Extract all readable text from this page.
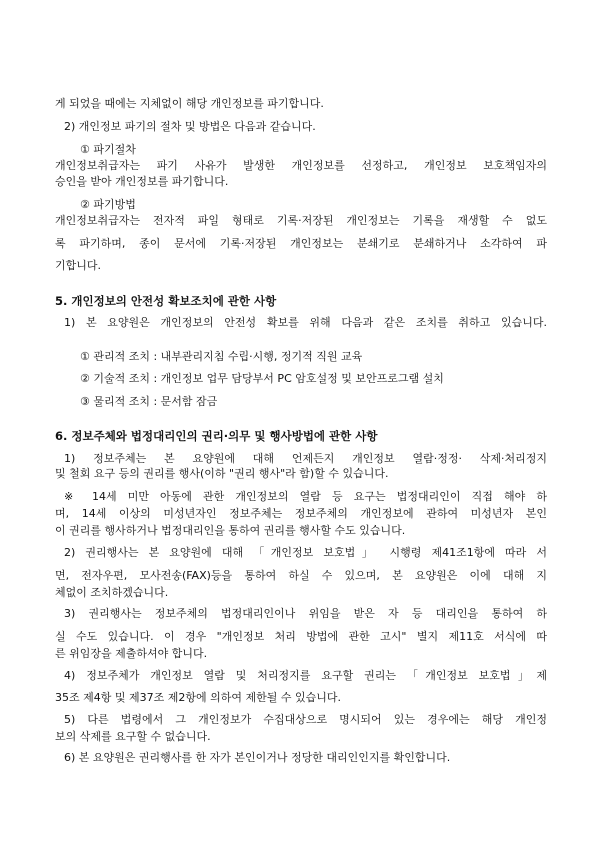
게 되었을 때에는 지체없이 해당 개인정보를 파기합니다.
2) 개인정보 파기의 절차 및 방법은 다음과 같습니다.
① 파기절차
개인정보취급자는 파기 사유가 발생한 개인정보를 선정하고, 개인정보 보호책임자의
승인을 받아 개인정보를 파기합니다.
② 파기방법
개인정보취급자는 전자적 파일 형태로 기록·저장된 개인정보는 기록을 재생할 수 없도
록 파기하며, 종이 문서에 기록·저장된 개인정보는 분쇄기로 분쇄하거나 소각하여 파
기합니다.
5. 개인정보의 안전성 확보조치에 관한 사항
1) 본 요양원은 개인정보의 안전성 확보를 위해 다음과 같은 조치를 취하고 있습니다.
① 관리적 조치 : 내부관리지침 수립·시행, 정기적 직원 교육
② 기술적 조치 : 개인정보 업무 담당부서 PC 암호설정 및 보안프로그램 설치
③ 물리적 조치 : 문서함 잠금
6. 정보주체와 법정대리인의 권리·의무 및 행사방법에 관한 사항
1) 정보주체는 본 요양원에 대해 언제든지 개인정보 열람·정정· 삭제·처리정지
및 철회 요구 등의 권리를 행사(이하 "권리 행사"라 함)할 수 있습니다.
※ 14세 미만 아동에 관한 개인정보의 열람 등 요구는 법정대리인이 직접 해야 하
며, 14세 이상의 미성년자인 정보주체는 정보주체의 개인정보에 관하여 미성년자 본인
이 권리를 행사하거나 법정대리인을 통하여 권리를 행사할 수도 있습니다.
2) 권리행사는 본 요양원에 대해 「개인정보 보호법」 시행령 제41조1항에 따라 서
면, 전자우편, 모사전송(FAX)등을 통하여 하실 수 있으며, 본 요양원은 이에 대해 지
체없이 조치하겠습니다.
3) 권리행사는 정보주체의 법정대리인이나 위임을 받은 자 등 대리인을 통하여 하
실 수도 있습니다. 이 경우 "개인정보 처리 방법에 관한 고시" 별지 제11호 서식에 따
른 위임장을 제출하셔야 합니다.
4) 정보주체가 개인정보 열람 및 처리정지를 요구할 권리는 「개인정보 보호법」제
35조 제4항 및 제37조 제2항에 의하여 제한될 수 있습니다.
5) 다른 법령에서 그 개인정보가 수집대상으로 명시되어 있는 경우에는 해당 개인정
보의 삭제를 요구할 수 없습니다.
6) 본 요양원은 권리행사를 한 자가 본인이거나 정당한 대리인인지를 확인합니다.
